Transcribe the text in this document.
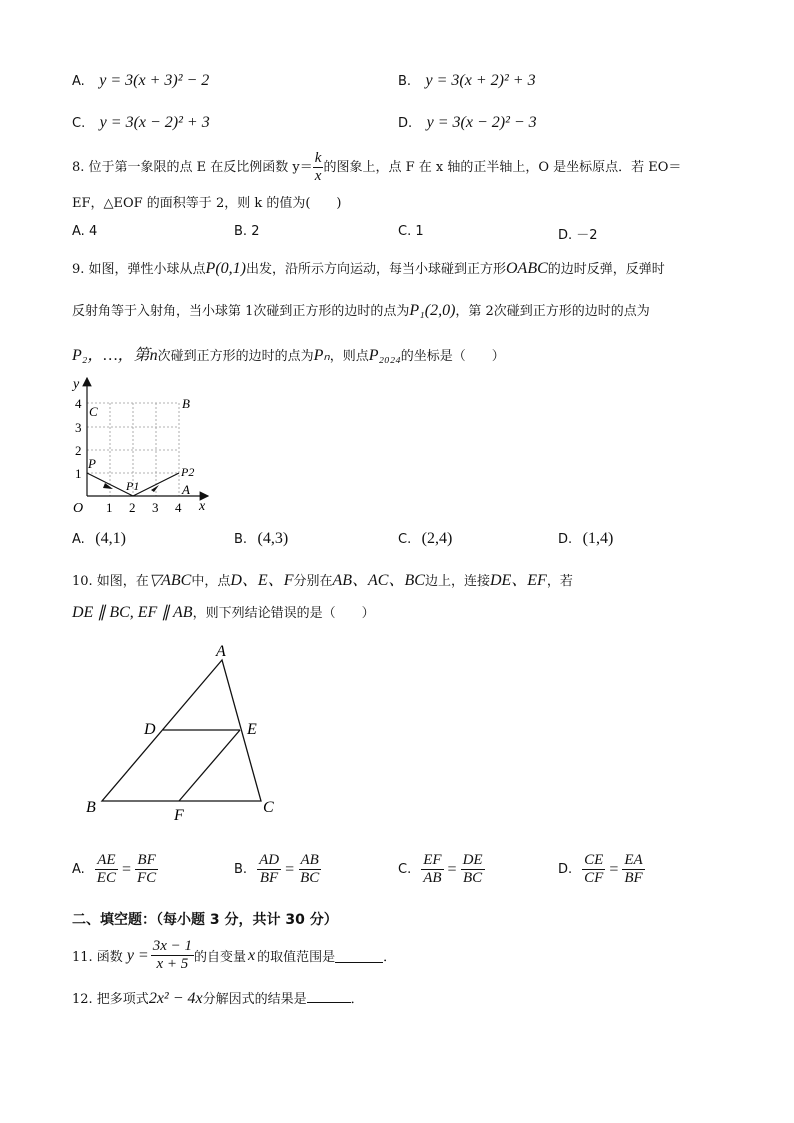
A. y = 3(x + 3)² − 2	B. y = 3(x + 2)² + 3
C. y = 3(x − 2)² + 3	D. y = 3(x − 2)² − 3
8. 位于第一象限的点 E 在反比例函数 $y= \frac{k}{x}$ 的图象上，点 F 在 x 轴的正半轴上，O 是坐标原点．若 EO＝
EF，△EOF 的面积等于 2，则 k 的值为(　　)
A. 4	B. 2	C. 1	D. －2
9. 如图，弹性小球从点P(0,1)出发，沿所示方向运动，每当小球碰到正方形OABC的边时反弹，反弹时
反射角等于入射角，当小球第 1次碰到正方形的边时的点为P₁(2,0)，第 2次碰到正方形的边时的点为
P₂，…，第n次碰到正方形的边时的点为Pₙ，则点P₂₀₂₄的坐标是（　　）
y
x
O 1 2 3 4
1
2
3
4
C
B
P
P1
P2
A
A. (4,1)	B. (4,3)	C. (2,4)	D. (1,4)
10. 如图，在▽ABC中，点D、E、F分别在AB、AC、BC边上，连接DE、EF，若
DE ∥ BC, EF ∥ AB，则下列结论错误的是（　　）
A
B	C
D	E
F
A. $\frac{AE}{EC} = \frac{BF}{FC}$	B. $\frac{AD}{BF} = \frac{AB}{BC}$	C. $\frac{EF}{AB} = \frac{DE}{BC}$	D. $\frac{CE}{CF} = \frac{EA}{BF}$
二、填空题：（每小题 3 分，共计 30 分）
11. 函数 $y = \frac{3x - 1}{x + 5}$ 的自变量 x 的取值范围是	．
12. 把多项式2x² − 4x分解因式的结果是	．
